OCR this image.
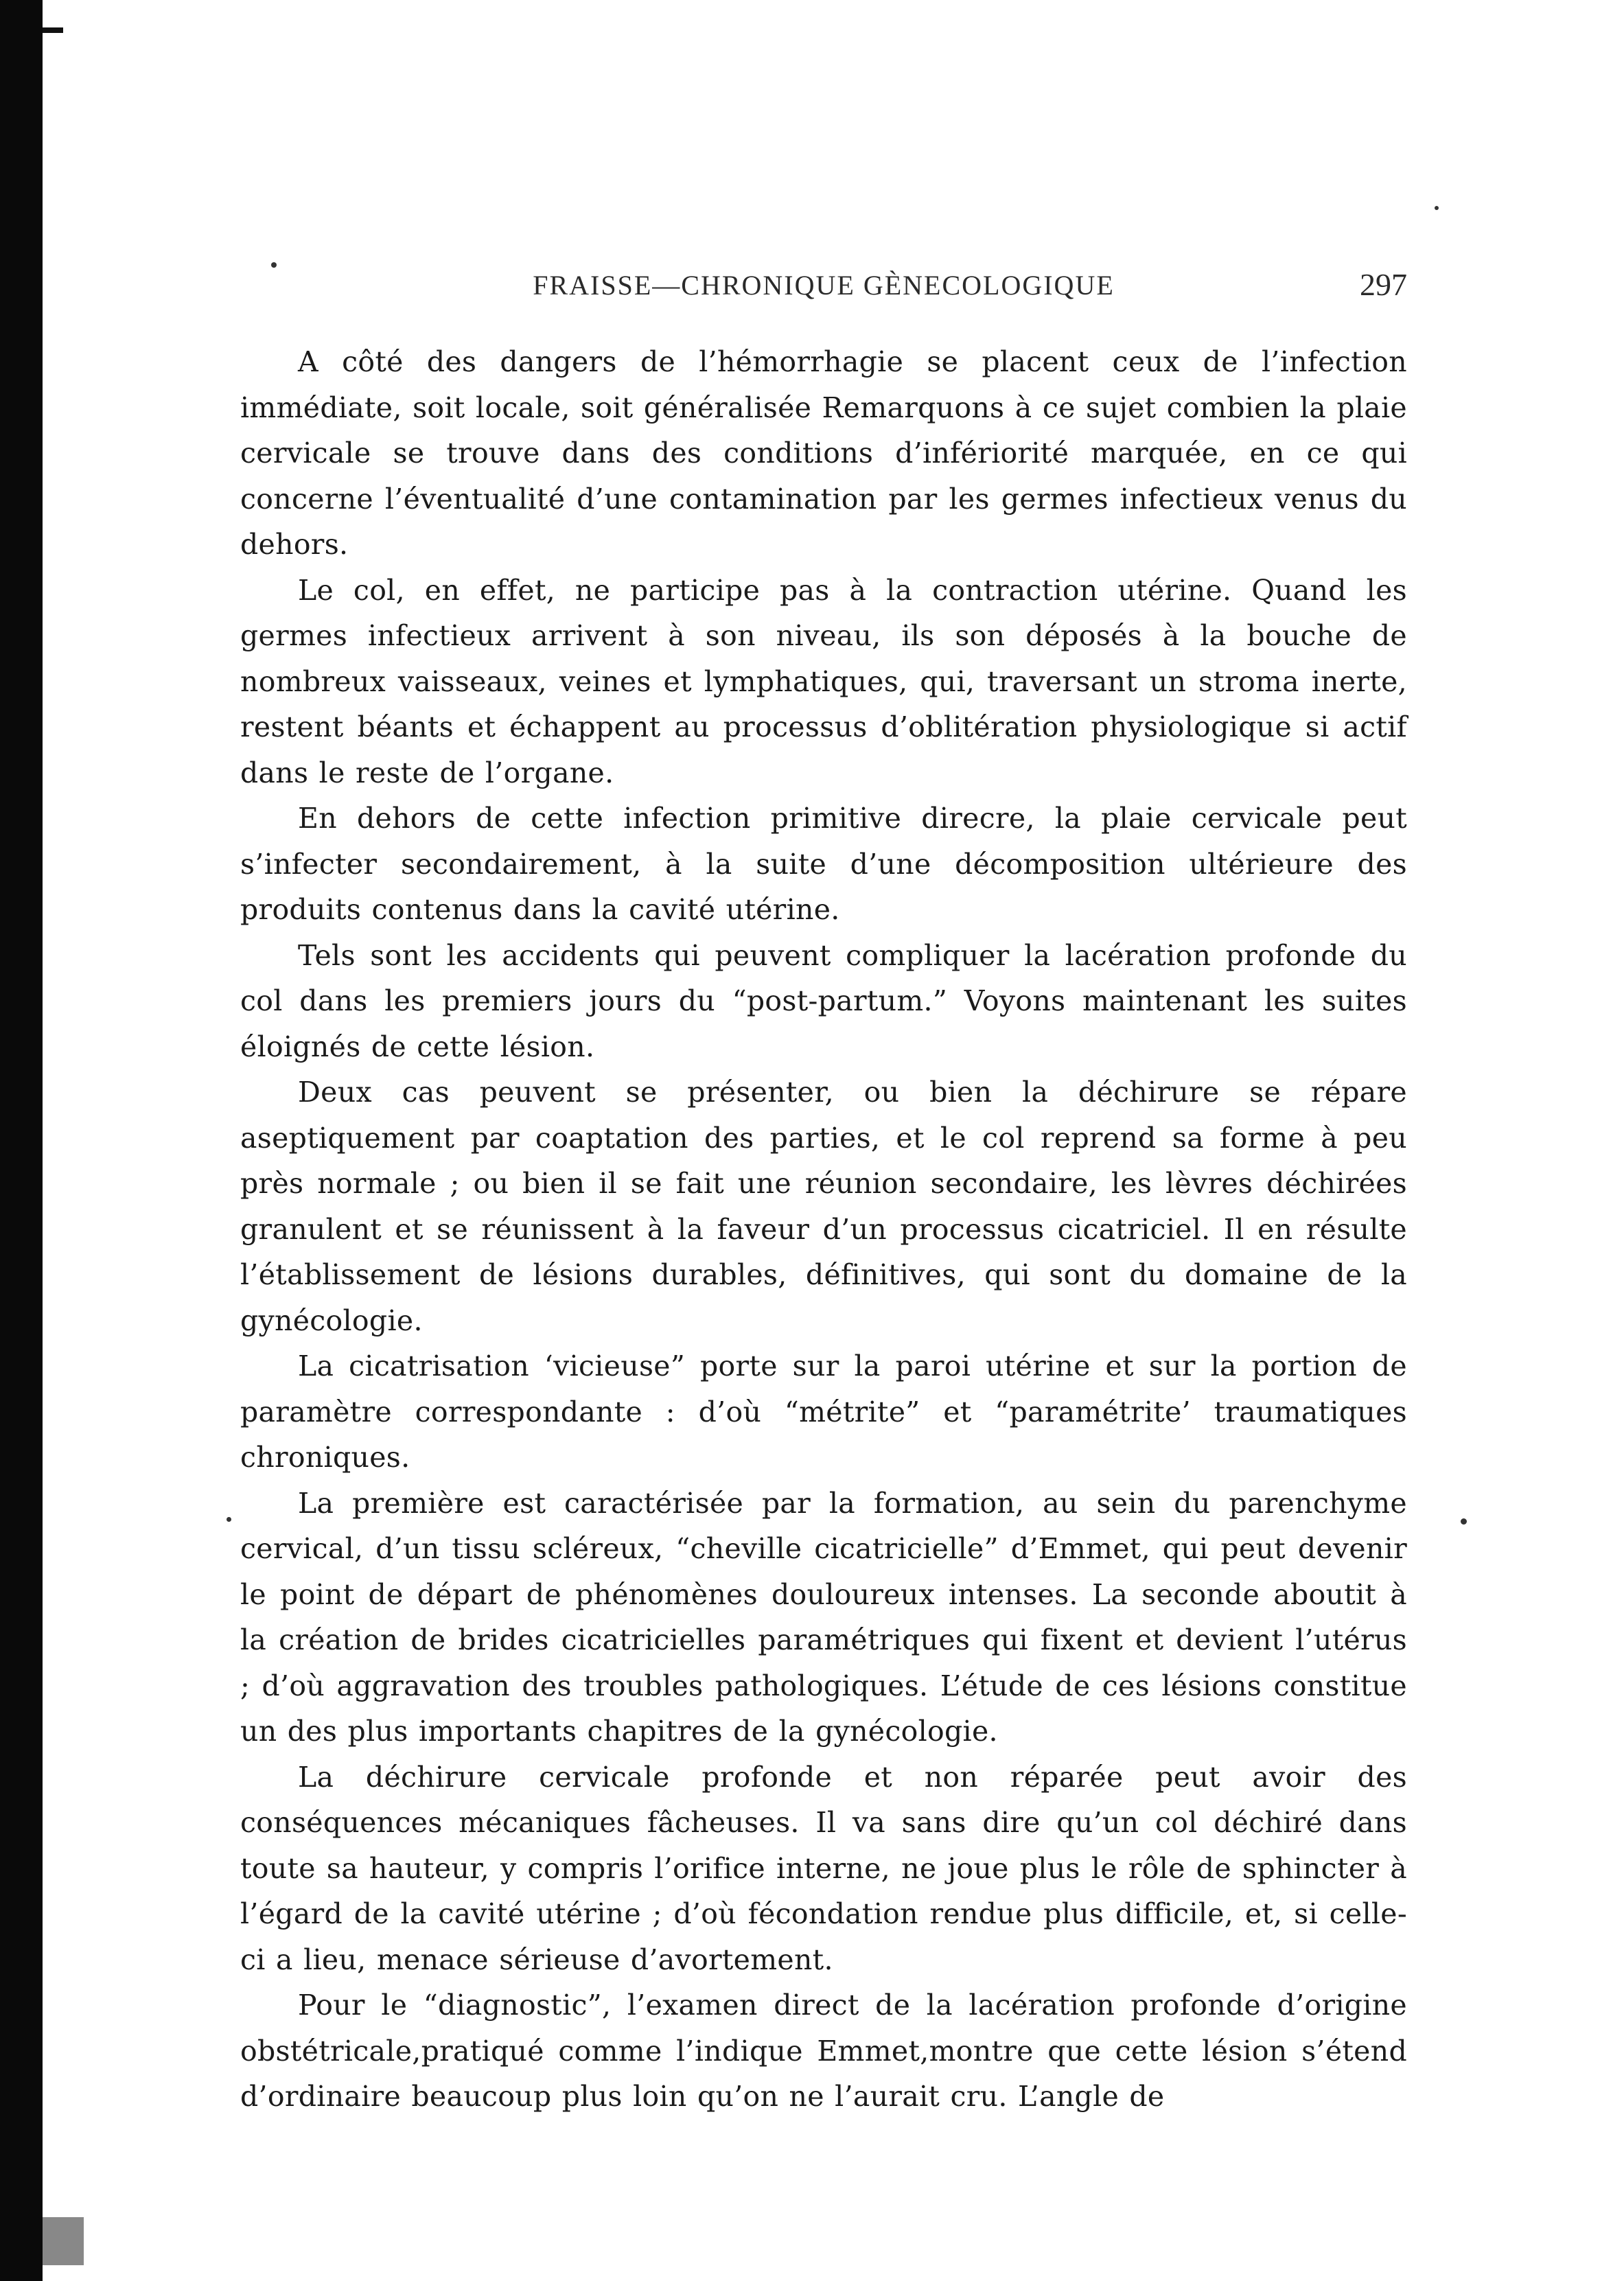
FRAISSE—CHRONIQUE GÈNECOLOGIQUE	297

A côté des dangers de l’hémorrhagie se placent ceux de l’infection immédiate, soit locale, soit généralisée Remarquons à ce sujet combien la plaie cervicale se trouve dans des conditions d’infériorité marquée, en ce qui concerne l’éventualité d’une contamination par les germes infectieux venus du dehors.

Le col, en effet, ne participe pas à la contraction utérine. Quand les germes infectieux arrivent à son niveau, ils son déposés à la bouche de nombreux vaisseaux, veines et lymphatiques, qui, traversant un stroma inerte, restent béants et échappent au processus d’oblitération physiologique si actif dans le reste de l’organe.

En dehors de cette infection primitive direcre, la plaie cervicale peut s’infecter secondairement, à la suite d’une décomposition ultérieure des produits contenus dans la cavité utérine.

Tels sont les accidents qui peuvent compliquer la lacération profonde du col dans les premiers jours du “post-partum.” Voyons maintenant les suites éloignés de cette lésion.

Deux cas peuvent se présenter, ou bien la déchirure se répare aseptiquement par coaptation des parties, et le col reprend sa forme à peu près normale ; ou bien il se fait une réunion secondaire, les lèvres déchirées granulent et se réunissent à la faveur d’un processus cicatriciel. Il en résulte l’établissement de lésions durables, définitives, qui sont du domaine de la gynécologie.

La cicatrisation ‘vicieuse” porte sur la paroi utérine et sur la portion de paramètre correspondante : d’où “métrite” et “paramétrite’ traumatiques chroniques.

La première est caractérisée par la formation, au sein du parenchyme cervical, d’un tissu scléreux, “cheville cicatricielle” d’Emmet, qui peut devenir le point de départ de phénomènes douloureux intenses. La seconde aboutit à la création de brides cicatricielles paramétriques qui fixent et devient l’utérus ; d’où aggravation des troubles pathologiques. L’étude de ces lésions constitue un des plus importants chapitres de la gynécologie.

La déchirure cervicale profonde et non réparée peut avoir des conséquences mécaniques fâcheuses. Il va sans dire qu’un col déchiré dans toute sa hauteur, y compris l’orifice interne, ne joue plus le rôle de sphincter à l’égard de la cavité utérine ; d’où fécondation rendue plus difficile, et, si celle-ci a lieu, menace sérieuse d’avortement.

Pour le “diagnostic”, l’examen direct de la lacération profonde d’origine obstétricale,pratiqué comme l’indique Emmet,montre que cette lésion s’étend d’ordinaire beaucoup plus loin qu’on ne l’aurait cru. L’angle de
